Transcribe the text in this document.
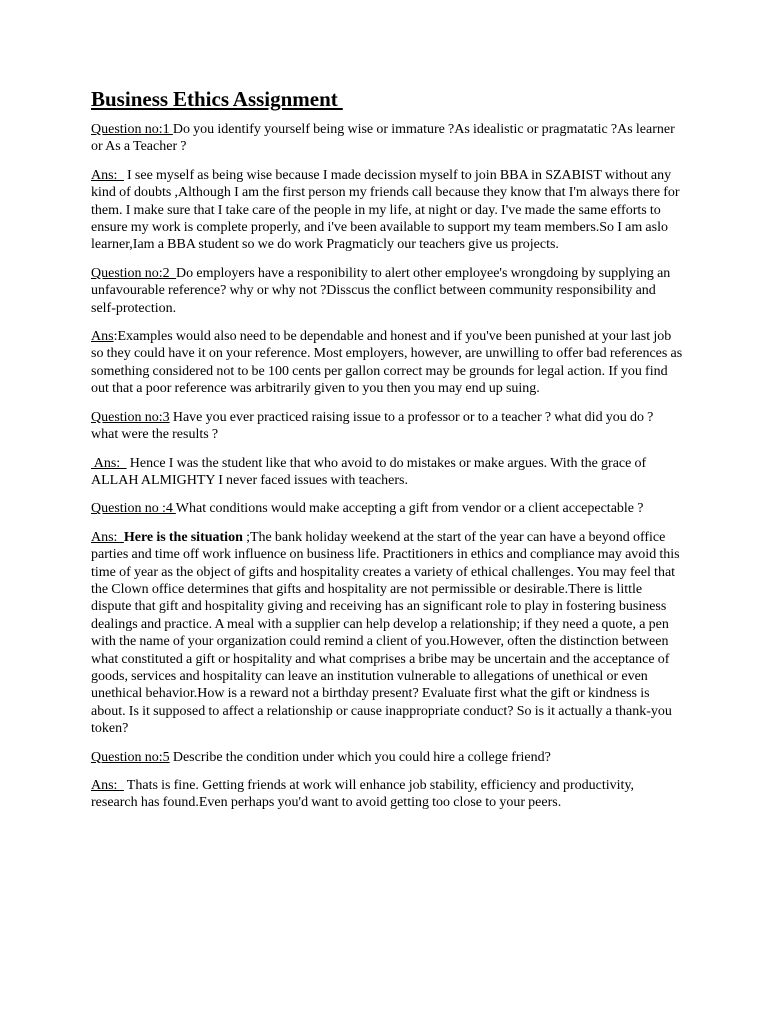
Business Ethics Assignment

Question no:1 Do you identify yourself being wise or immature ?As idealistic or pragmatatic ?As learner or As a Teacher ?

Ans:   I see myself as being wise because I made decission myself to join BBA in SZABIST without any kind of doubts ,Although I am the first person my friends call because they know that I'm always there for them. I make sure that I take care of the people in my life, at night or day. I've made the same efforts to ensure my work is complete properly, and i've been available to support my team members.So I am aslo learner,Iam a BBA student so we do work Pragmaticly our teachers give us projects.

Question no:2  Do employers have a responibility to alert other employee's wrongdoing by supplying an unfavourable reference? why or why not ?Disscus the conflict between community responsibility and self-protection.

Ans:Examples would also need to be dependable and honest and if you've been punished at your last job so they could have it on your reference. Most employers, however, are unwilling to offer bad references as something considered not to be 100 cents per gallon correct may be grounds for legal action. If you find out that a poor reference was arbitrarily given to you then you may end up suing.

Question no:3 Have you ever practiced raising issue to a professor or to a teacher ? what did you do ? what were the results ?

Ans:   Hence I was the student like that who avoid to do mistakes or make argues. With the grace of ALLAH ALMIGHTY I never faced issues with teachers.

Question no :4 What conditions would make accepting a gift from vendor or a client accepectable ?

Ans:  Here is the situation ;The bank holiday weekend at the start of the year can have a beyond office parties and time off work influence on business life. Practitioners in ethics and compliance may avoid this time of year as the object of gifts and hospitality creates a variety of ethical challenges. You may feel that the Clown office determines that gifts and hospitality are not permissible or desirable.There is little dispute that gift and hospitality giving and receiving has an significant role to play in fostering business dealings and practice. A meal with a supplier can help develop a relationship; if they need a quote, a pen with the name of your organization could remind a client of you.However, often the distinction between what constituted a gift or hospitality and what comprises a bribe may be uncertain and the acceptance of goods, services and hospitality can leave an institution vulnerable to allegations of unethical or even unethical behavior.How is a reward not a birthday present? Evaluate first what the gift or kindness is about. Is it supposed to affect a relationship or cause inappropriate conduct? So is it actually a thank-you token?

Question no:5 Describe the condition under which you could hire a college friend?

Ans:   Thats is fine. Getting friends at work will enhance job stability, efficiency and productivity, research has found.Even perhaps you'd want to avoid getting too close to your peers.
